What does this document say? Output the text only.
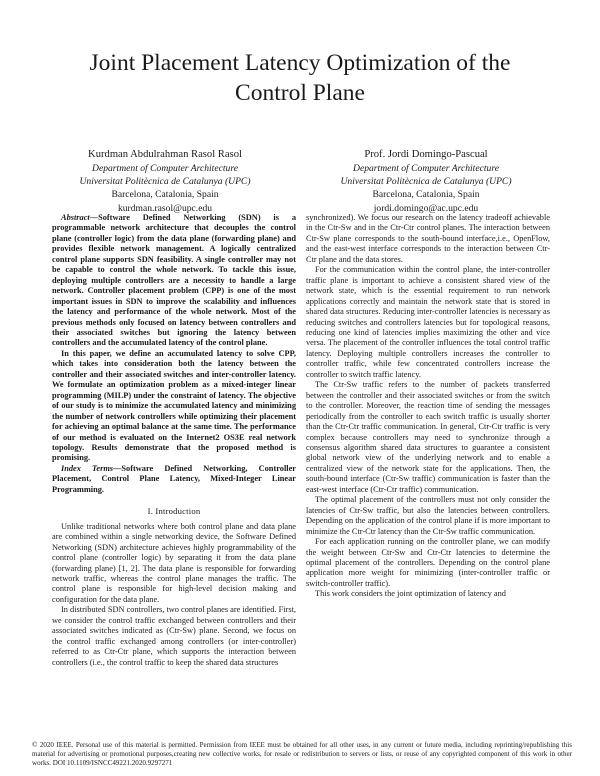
Joint Placement Latency Optimization of the Control Plane
Kurdman Abdulrahman Rasol Rasol
Department of Computer Architecture
Universitat Politècnica de Catalunya (UPC)
Barcelona, Catalonia, Spain
kurdman.rasol@upc.edu
Prof. Jordi Domingo-Pascual
Department of Computer Architecture
Universitat Politècnica de Catalunya (UPC)
Barcelona, Catalonia, Spain
jordi.domingo@ac.upc.edu

Abstract—Software Defined Networking (SDN) is a programmable network architecture that decouples the control plane (controller logic) from the data plane (forwarding plane) and provides flexible network management. A logically centralized control plane supports SDN feasibility. A single controller may not be capable to control the whole network. To tackle this issue, deploying multiple controllers are a necessity to handle a large network. Controller placement problem (CPP) is one of the most important issues in SDN to improve the scalability and influences the latency and performance of the whole network. Most of the previous methods only focused on latency between controllers and their associated switches but ignoring the latency between controllers and the accumulated latency of the control plane.

In this paper, we define an accumulated latency to solve CPP, which takes into consideration both the latency between the controller and their associated switches and inter-controller latency. We formulate an optimization problem as a mixed-integer linear programming (MILP) under the constraint of latency. The objective of our study is to minimize the accumulated latency and minimizing the number of network controllers while optimizing their placement for achieving an optimal balance at the same time. The performance of our method is evaluated on the Internet2 OS3E real network topology. Results demonstrate that the proposed method is promising.

Index Terms—Software Defined Networking, Controller Placement, Control Plane Latency, Mixed-Integer Linear Programming.

I. Introduction

Unlike traditional networks where both control plane and data plane are combined within a single networking device, the Software Defined Networking (SDN) architecture achieves highly programmability of the control plane (controller logic) by separating it from the data plane (forwarding plane) [1, 2]. The data plane is responsible for forwarding network traffic, whereas the control plane manages the traffic. The control plane is responsible for high-level decision making and configuration for the data plane.

In distributed SDN controllers, two control planes are identified. First, we consider the control traffic exchanged between controllers and their associated switches indicated as (Ctr-Sw) plane. Second, we focus on the control traffic exchanged among controllers (or inter-controller) referred to as Ctr-Ctr plane, which supports the interaction between controllers (i.e., the control traffic to keep the shared data structures

synchronized). We focus our research on the latency tradeoff achievable in the Ctr-Sw and in the Ctr-Ctr control planes. The interaction between Ctr-Sw plane corresponds to the south-bound interface,i.e., OpenFlow, and the east-west interface corresponds to the interaction between Ctr-Ctr plane and the data stores.

For the communication within the control plane, the inter-controller traffic plane is important to achieve a consistent shared view of the network state, which is the essential requirement to run network applications correctly and maintain the network state that is stored in shared data structures. Reducing inter-controller latencies is necessary as reducing switches and controllers latencies but for topological reasons, reducing one kind of latencies implies maximizing the other and vice versa. The placement of the controller influences the total control traffic latency. Deploying multiple controllers increases the controller to controller traffic, while few concentrated controllers increase the controller to switch traffic latency.

The Ctr-Sw traffic refers to the number of packets transferred between the controller and their associated switches or from the switch to the controller. Moreover, the reaction time of sending the messages periodically from the controller to each switch traffic is usually shorter than the Ctr-Ctr traffic communication. In general, Ctr-Ctr traffic is very complex because controllers may need to synchronize through a consensus algorithm shared data structures to guarantee a consistent global network view of the underlying network and to enable a centralized view of the network state for the applications. Then, the south-bound interface (Ctr-Sw traffic) communication is faster than the east-west interface (Ctr-Ctr traffic) communication.

The optimal placement of the controllers must not only consider the latencies of Ctr-Sw traffic, but also the latencies between controllers. Depending on the application of the control plane if is more important to minimize the Ctr-Ctr latency than the Ctr-Sw traffic communication.

For each application running on the controller plane, we can modify the weight between Ctr-Sw and Ctr-Ctr latencies to determine the optimal placement of the controllers. Depending on the control plane application more weight for minimizing (inter-controller traffic or switch-controller traffic).

This work considers the joint optimization of latency and

© 2020 IEEE. Personal use of this material is permitted. Permission from IEEE must be obtained for all other uses, in any current or future media, including reprinting/republishing this material for advertising or promotional purposes,creating new collective works, for resale or redistribution to servers or lists, or reuse of any copyrighted component of this work in other works. DOI 10.1109/ISNCC49221.2020.9297271
